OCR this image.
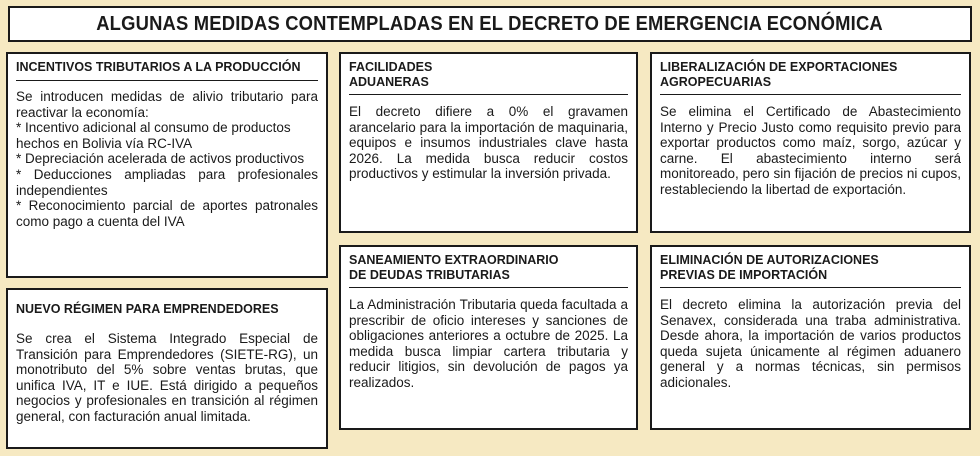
ALGUNAS MEDIDAS CONTEMPLADAS EN EL DECRETO DE EMERGENCIA ECONÓMICA
INCENTIVOS TRIBUTARIOS A LA PRODUCCIÓN

Se introducen medidas de alivio tributario para reactivar la economía:

* Incentivo adicional al consumo de productos hechos en Bolivia vía RC-IVA

* Depreciación acelerada de activos productivos

* Deducciones ampliadas para profesionales independientes

* Reconocimiento parcial de aportes patronales como pago a cuenta del IVA

NUEVO RÉGIMEN PARA EMPRENDEDORES

Se crea el Sistema Integrado Especial de Transición para Emprendedores (SIETE-RG), un monotributo del 5% sobre ventas brutas, que unifica IVA, IT e IUE. Está dirigido a pequeños negocios y profesionales en transición al régimen general, con facturación anual limitada.

FACILIDADES
ADUANERAS

El decreto difiere a 0% el gravamen arancelario para la importación de maquinaria, equipos e insumos industriales clave hasta 2026. La medida busca reducir costos productivos y estimular la inversión privada.

SANEAMIENTO EXTRAORDINARIO
DE DEUDAS TRIBUTARIAS

La Administración Tributaria queda facultada a prescribir de oficio intereses y sanciones de obligaciones anteriores a octubre de 2025. La medida busca limpiar cartera tributaria y reducir litigios, sin devolución de pagos ya realizados.

LIBERALIZACIÓN DE EXPORTACIONES
AGROPECUARIAS

Se elimina el Certificado de Abastecimiento Interno y Precio Justo como requisito previo para exportar productos como maíz, sorgo, azúcar y carne. El abastecimiento interno será monitoreado, pero sin fijación de precios ni cupos, restableciendo la libertad de exportación.

ELIMINACIÓN DE AUTORIZACIONES
PREVIAS DE IMPORTACIÓN

El decreto elimina la autorización previa del Senavex, considerada una traba administrativa. Desde ahora, la importación de varios productos queda sujeta únicamente al régimen aduanero general y a normas técnicas, sin permisos adicionales.
